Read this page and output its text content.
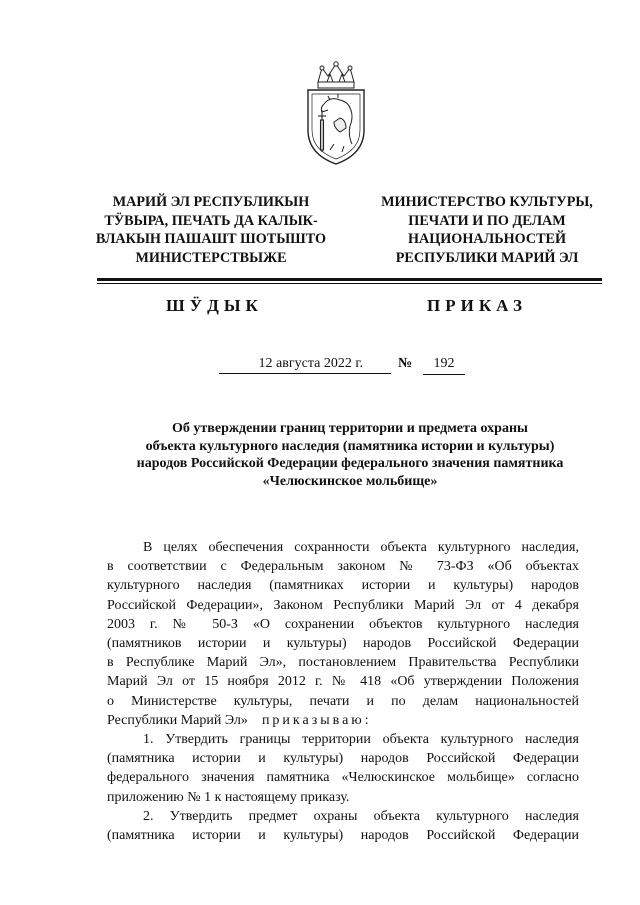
МАРИЙ ЭЛ РЕСПУБЛИКЫН
ТӰВЫРА, ПЕЧАТЬ ДА КАЛЫК-
ВЛАКЫН ПАШАШТ ШОТЫШТО
МИНИСТЕРСТВЫЖЕ
МИНИСТЕРСТВО КУЛЬТУРЫ,
ПЕЧАТИ И ПО ДЕЛАМ
НАЦИОНАЛЬНОСТЕЙ
РЕСПУБЛИКИ МАРИЙ ЭЛ
ШӰДЫК	ПРИКАЗ
12 августа 2022 г.	№	192
Об утверждении границ территории и предмета охраны
объекта культурного наследия (памятника истории и культуры)
народов Российской Федерации федерального значения памятника
«Челюскинское мольбище»
В целях обеспечения сохранности объекта культурного наследия,
в соответствии с Федеральным законом № 73-ФЗ «Об объектах
культурного наследия (памятниках истории и культуры) народов
Российской Федерации», Законом Республики Марий Эл от 4 декабря
2003 г. № 50-З «О сохранении объектов культурного наследия
(памятников истории и культуры) народов Российской Федерации
в Республике Марий Эл», постановлением Правительства Республики
Марий Эл от 15 ноября 2012 г. № 418 «Об утверждении Положения
о Министерстве культуры, печати и по делам национальностей
Республики Марий Эл» приказываю:
1. Утвердить границы территории объекта культурного наследия
(памятника истории и культуры) народов Российской Федерации
федерального значения памятника «Челюскинское мольбище» согласно
приложению № 1 к настоящему приказу.
2. Утвердить предмет охраны объекта культурного наследия
(памятника истории и культуры) народов Российской Федерации
